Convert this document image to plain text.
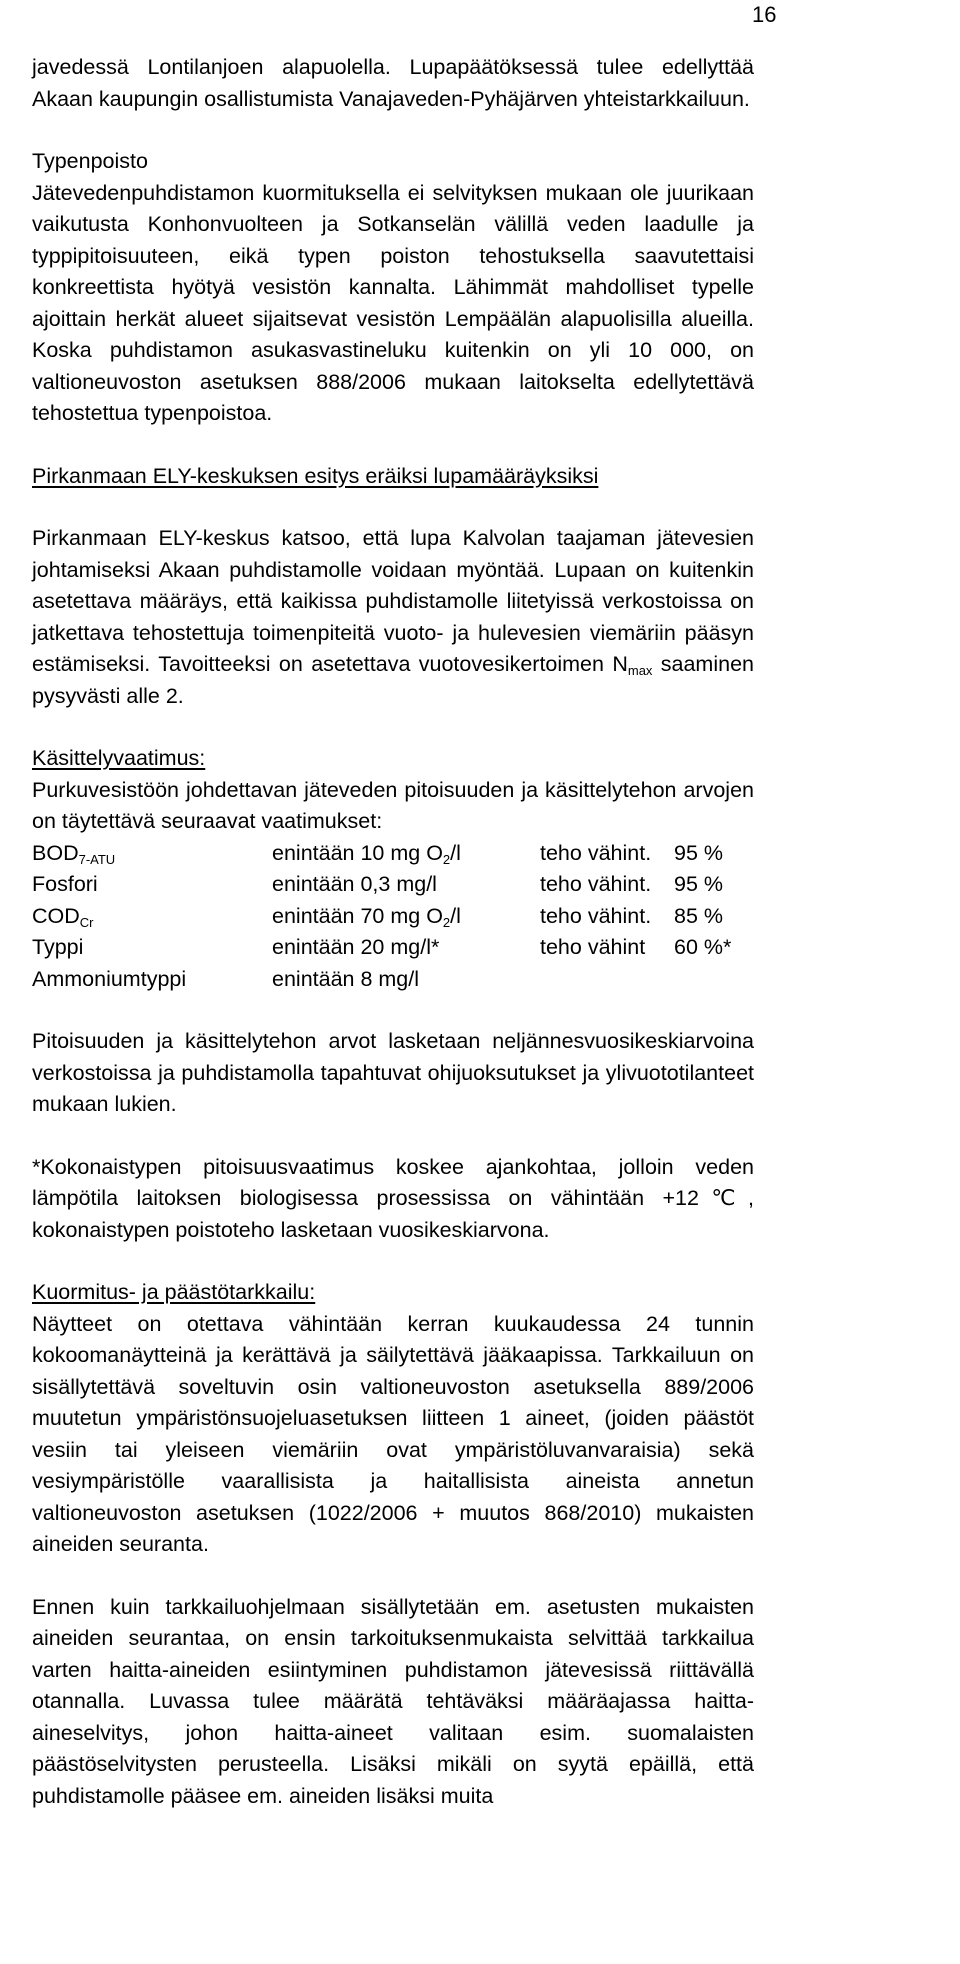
16

javedessä Lontilanjoen alapuolella. Lupapäätöksessä tulee edellyttää Akaan kaupungin osallistumista Vanajaveden-Pyhäjärven yhteistarkkailuun.

Typenpoisto

Jätevedenpuhdistamon kuormituksella ei selvityksen mukaan ole juurikaan vaikutusta Konhonvuolteen ja Sotkanselän välillä veden laadulle ja typpipitoisuuteen, eikä typen poiston tehostuksella saavutettaisi konkreettista hyötyä vesistön kannalta. Lähimmät mahdolliset typelle ajoittain herkät alueet sijaitsevat vesistön Lempäälän alapuolisilla alueilla. Koska puhdistamon asukasvastineluku kuitenkin on yli 10 000, on valtioneuvoston asetuksen 888/2006 mukaan laitokselta edellytettävä tehostettua typenpoistoa.

Pirkanmaan ELY-keskuksen esitys eräiksi lupamääräyksiksi

Pirkanmaan ELY-keskus katsoo, että lupa Kalvolan taajaman jätevesien johtamiseksi Akaan puhdistamolle voidaan myöntää. Lupaan on kuitenkin asetettava määräys, että kaikissa puhdistamolle liitetyissä verkostoissa on jatkettava tehostettuja toimenpiteitä vuoto- ja hulevesien viemäriin pääsyn estämiseksi. Tavoitteeksi on asetettava vuotovesikertoimen $N_{max}$ saaminen pysyvästi alle 2.

Käsittelyvaatimus:

Purkuvesistöön johdettavan jäteveden pitoisuuden ja käsittelytehon arvojen on täytettävä seuraavat vaatimukset:

$BOD_{7-ATU}$	enintään 10 mg $O_2/l$	teho vähint.	95 %
Fosfori	enintään 0,3 mg/l	teho vähint.	95 %
$COD_{Cr}$	enintään 70 mg $O_2/l$	teho vähint.	85 %
Typpi	enintään 20 mg/l*	teho vähint	60 %*
Ammoniumtyppi	enintään 8 mg/l		

Pitoisuuden ja käsittelytehon arvot lasketaan neljännesvuosikeskiarvoina verkostoissa ja puhdistamolla tapahtuvat ohijuoksutukset ja ylivuototilanteet mukaan lukien.

*Kokonaistypen pitoisuusvaatimus koskee ajankohtaa, jolloin veden lämpötila laitoksen biologisessa prosessissa on vähintään +12℃, kokonaistypen poistoteho lasketaan vuosikeskiarvona.

Kuormitus- ja päästötarkkailu:

Näytteet on otettava vähintään kerran kuukaudessa 24 tunnin kokoomanäytteinä ja kerättävä ja säilytettävä jääkaapissa. Tarkkailuun on sisällytettävä soveltuvin osin valtioneuvoston asetuksella 889/2006 muutetun ympäristönsuojeluasetuksen liitteen 1 aineet, (joiden päästöt vesiin tai yleiseen viemäriin ovat ympäristöluvanvaraisia) sekä vesiympäristölle vaarallisista ja haitallisista aineista annetun valtioneuvoston asetuksen (1022/2006 + muutos 868/2010) mukaisten aineiden seuranta.

Ennen kuin tarkkailuohjelmaan sisällytetään em. asetusten mukaisten aineiden seurantaa, on ensin tarkoituksenmukaista selvittää tarkkailua varten haitta-aineiden esiintyminen puhdistamon jätevesissä riittävällä otannalla. Luvassa tulee määrätä tehtäväksi määräajassa haitta-aineselvitys, johon haitta-aineet valitaan esim. suomalaisten päästöselvitysten perusteella. Lisäksi mikäli on syytä epäillä, että puhdistamolle pääsee em. aineiden lisäksi muita
